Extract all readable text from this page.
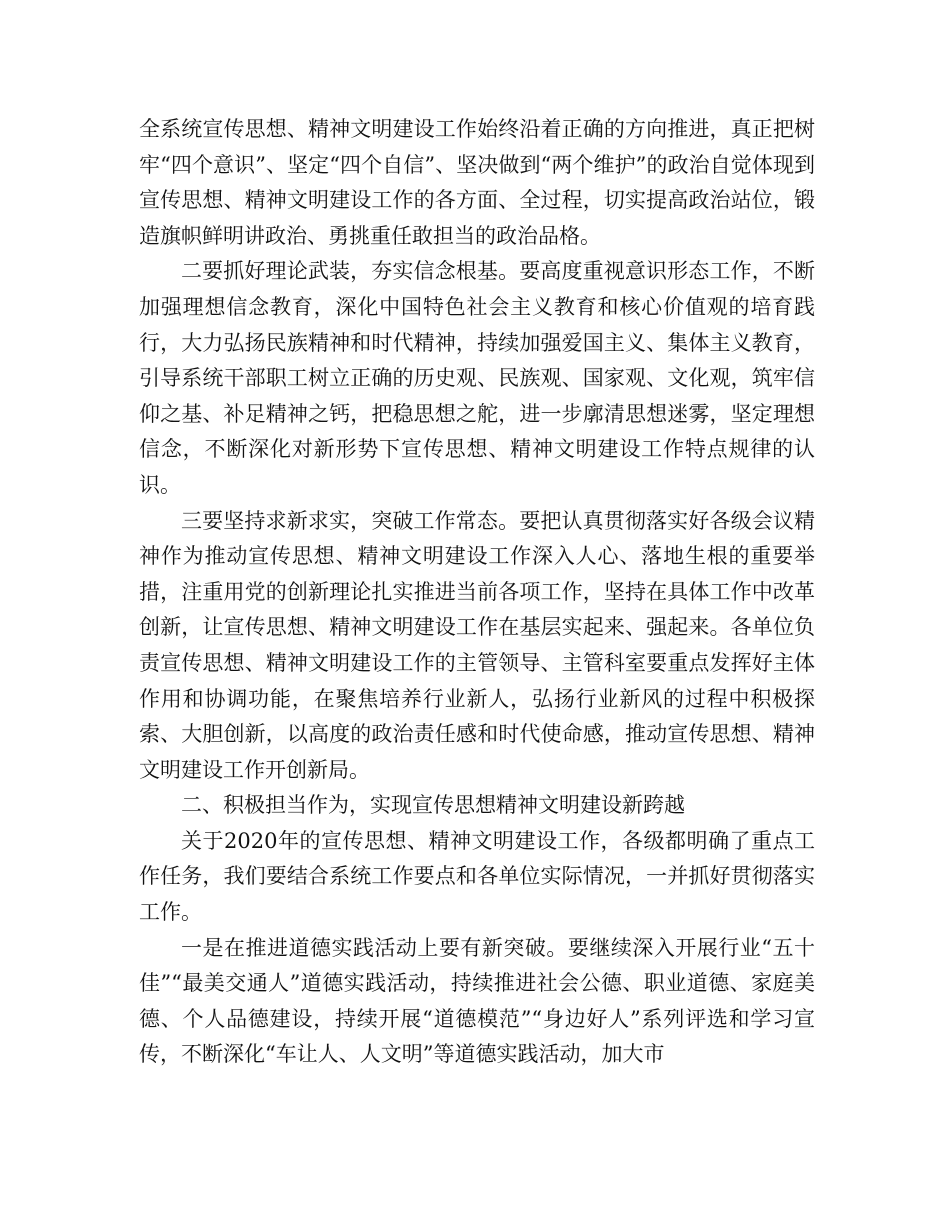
全系统宣传思想、精神文明建设工作始终沿着正确的方向推进，真正把树牢“四个意识”、坚定“四个自信”、坚决做到“两个维护”的政治自觉体现到宣传思想、精神文明建设工作的各方面、全过程，切实提高政治站位，锻造旗帜鲜明讲政治、勇挑重任敢担当的政治品格。

二要抓好理论武装，夯实信念根基。要高度重视意识形态工作，不断加强理想信念教育，深化中国特色社会主义教育和核心价值观的培育践行，大力弘扬民族精神和时代精神，持续加强爱国主义、集体主义教育，引导系统干部职工树立正确的历史观、民族观、国家观、文化观，筑牢信仰之基、补足精神之钙，把稳思想之舵，进一步廓清思想迷雾，坚定理想信念，不断深化对新形势下宣传思想、精神文明建设工作特点规律的认识。

三要坚持求新求实，突破工作常态。要把认真贯彻落实好各级会议精神作为推动宣传思想、精神文明建设工作深入人心、落地生根的重要举措，注重用党的创新理论扎实推进当前各项工作，坚持在具体工作中改革创新，让宣传思想、精神文明建设工作在基层实起来、强起来。各单位负责宣传思想、精神文明建设工作的主管领导、主管科室要重点发挥好主体作用和协调功能，在聚焦培养行业新人，弘扬行业新风的过程中积极探索、大胆创新，以高度的政治责任感和时代使命感，推动宣传思想、精神文明建设工作开创新局。

二、积极担当作为，实现宣传思想精神文明建设新跨越

关于2020年的宣传思想、精神文明建设工作，各级都明确了重点工作任务，我们要结合系统工作要点和各单位实际情况，一并抓好贯彻落实工作。

一是在推进道德实践活动上要有新突破。要继续深入开展行业“五十佳”“最美交通人”道德实践活动，持续推进社会公德、职业道德、家庭美德、个人品德建设，持续开展“道德模范”“身边好人”系列评选和学习宣传，不断深化“车让人、人文明”等道德实践活动，加大市
